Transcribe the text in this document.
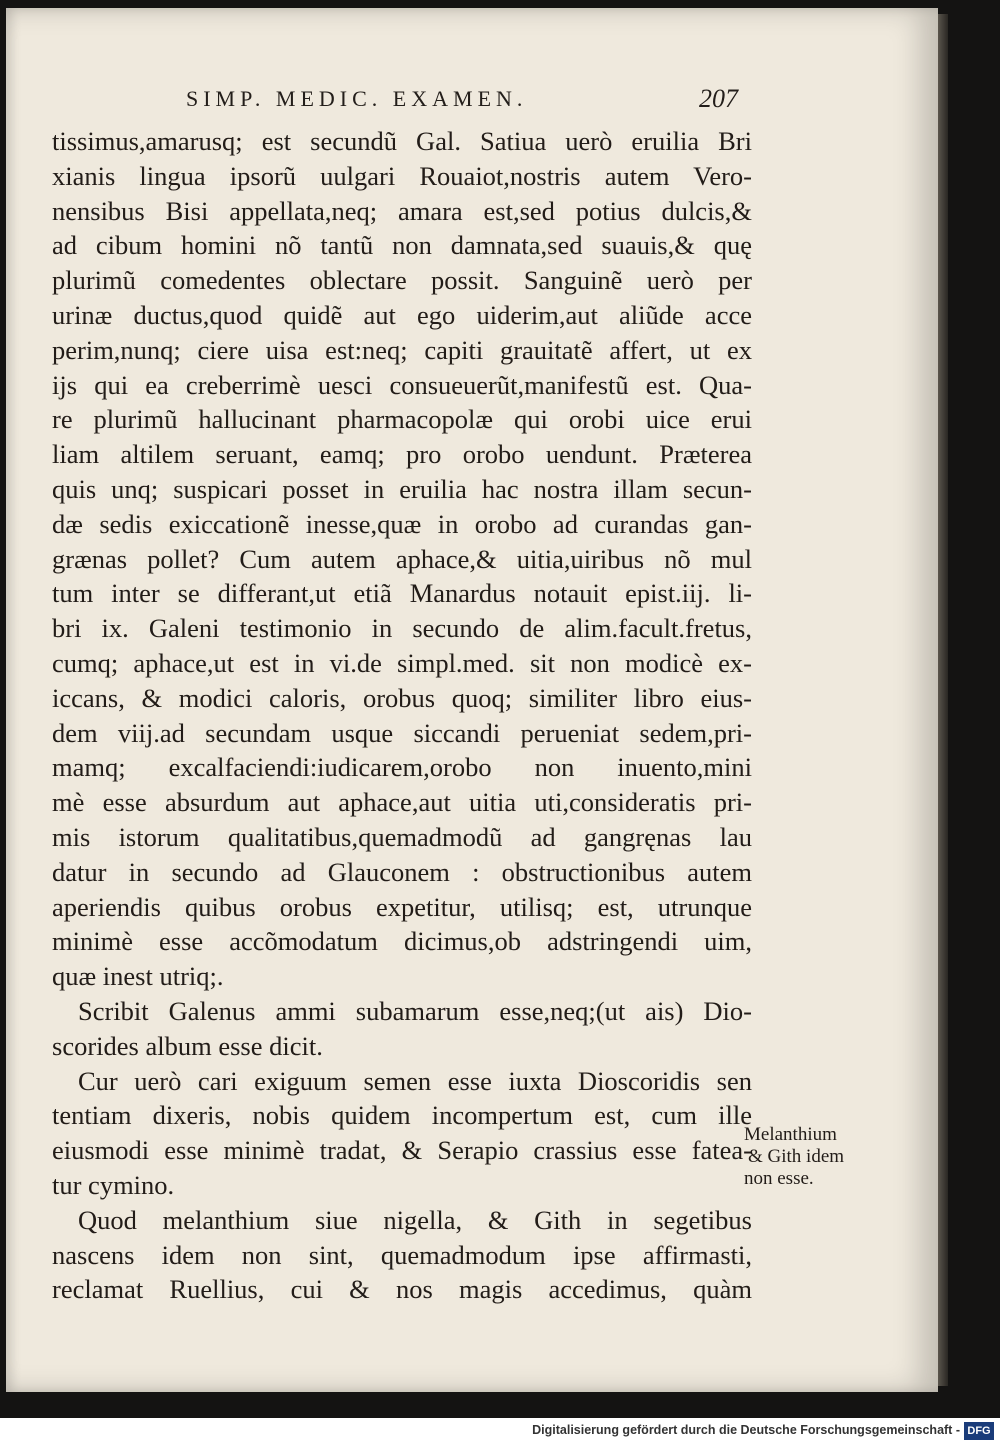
SIMP. MEDIC. EXAMEN.	207
tissimus,amarusq; est secundũ Gal. Satiua uerò eruilia Bri
xianis lingua ipsorũ uulgari Rouaiot,nostris autem Vero-
nensibus Bisi appellata,neq; amara est,sed potius dulcis,&
ad cibum homini nõ tantũ non damnata,sed suauis,& quę
plurimũ comedentes oblectare possit. Sanguinẽ uerò per
urinæ ductus,quod quidẽ aut ego uiderim,aut aliũde acce
perim,nunq; ciere uisa est:neq; capiti grauitatẽ affert, ut ex
ijs qui ea creberrimè uesci consueuerũt,manifestũ est. Qua-
re plurimũ hallucinant pharmacopolæ qui orobi uice erui
liam altilem seruant, eamq; pro orobo uendunt. Præterea
quis unq; suspicari posset in eruilia hac nostra illam secun-
dæ sedis exiccationẽ inesse,quæ in orobo ad curandas gan-
grænas pollet? Cum autem aphace,& uitia,uiribus nõ mul
tum inter se differant,ut etiã Manardus notauit epist.iij. li-
bri ix. Galeni testimonio in secundo de alim.facult.fretus,
cumq; aphace,ut est in vi.de simpl.med. sit non modicè ex-
iccans, & modici caloris, orobus quoq; similiter libro eius-
dem viij.ad secundam usque siccandi perueniat sedem,pri-
mamq; excalfaciendi:iudicarem,orobo non inuento,mini
mè esse absurdum aut aphace,aut uitia uti,consideratis pri-
mis istorum qualitatibus,quemadmodũ ad gangręnas lau
datur in secundo ad Glauconem : obstructionibus autem
aperiendis quibus orobus expetitur, utilisq; est, utrunque
minimè esse accõmodatum dicimus,ob adstringendi uim,
quæ inest utriq;.
Scribit Galenus ammi subamarum esse,neq;(ut ais) Dio-
scorides album esse dicit.
Cur uerò cari exiguum semen esse iuxta Dioscoridis sen
tentiam dixeris, nobis quidem incompertum est, cum ille
eiusmodi esse minimè tradat, & Serapio crassius esse fatea-
tur cymino.
Quod melanthium siue nigella, & Gith in segetibus
nascens idem non sint, quemadmodum ipse affirmasti,
reclamat Ruellius, cui & nos magis accedimus, quàm
Melanthium
& Gith idem
non esse.
Digitalisierung gefördert durch die Deutsche Forschungsgemeinschaft - DFG
